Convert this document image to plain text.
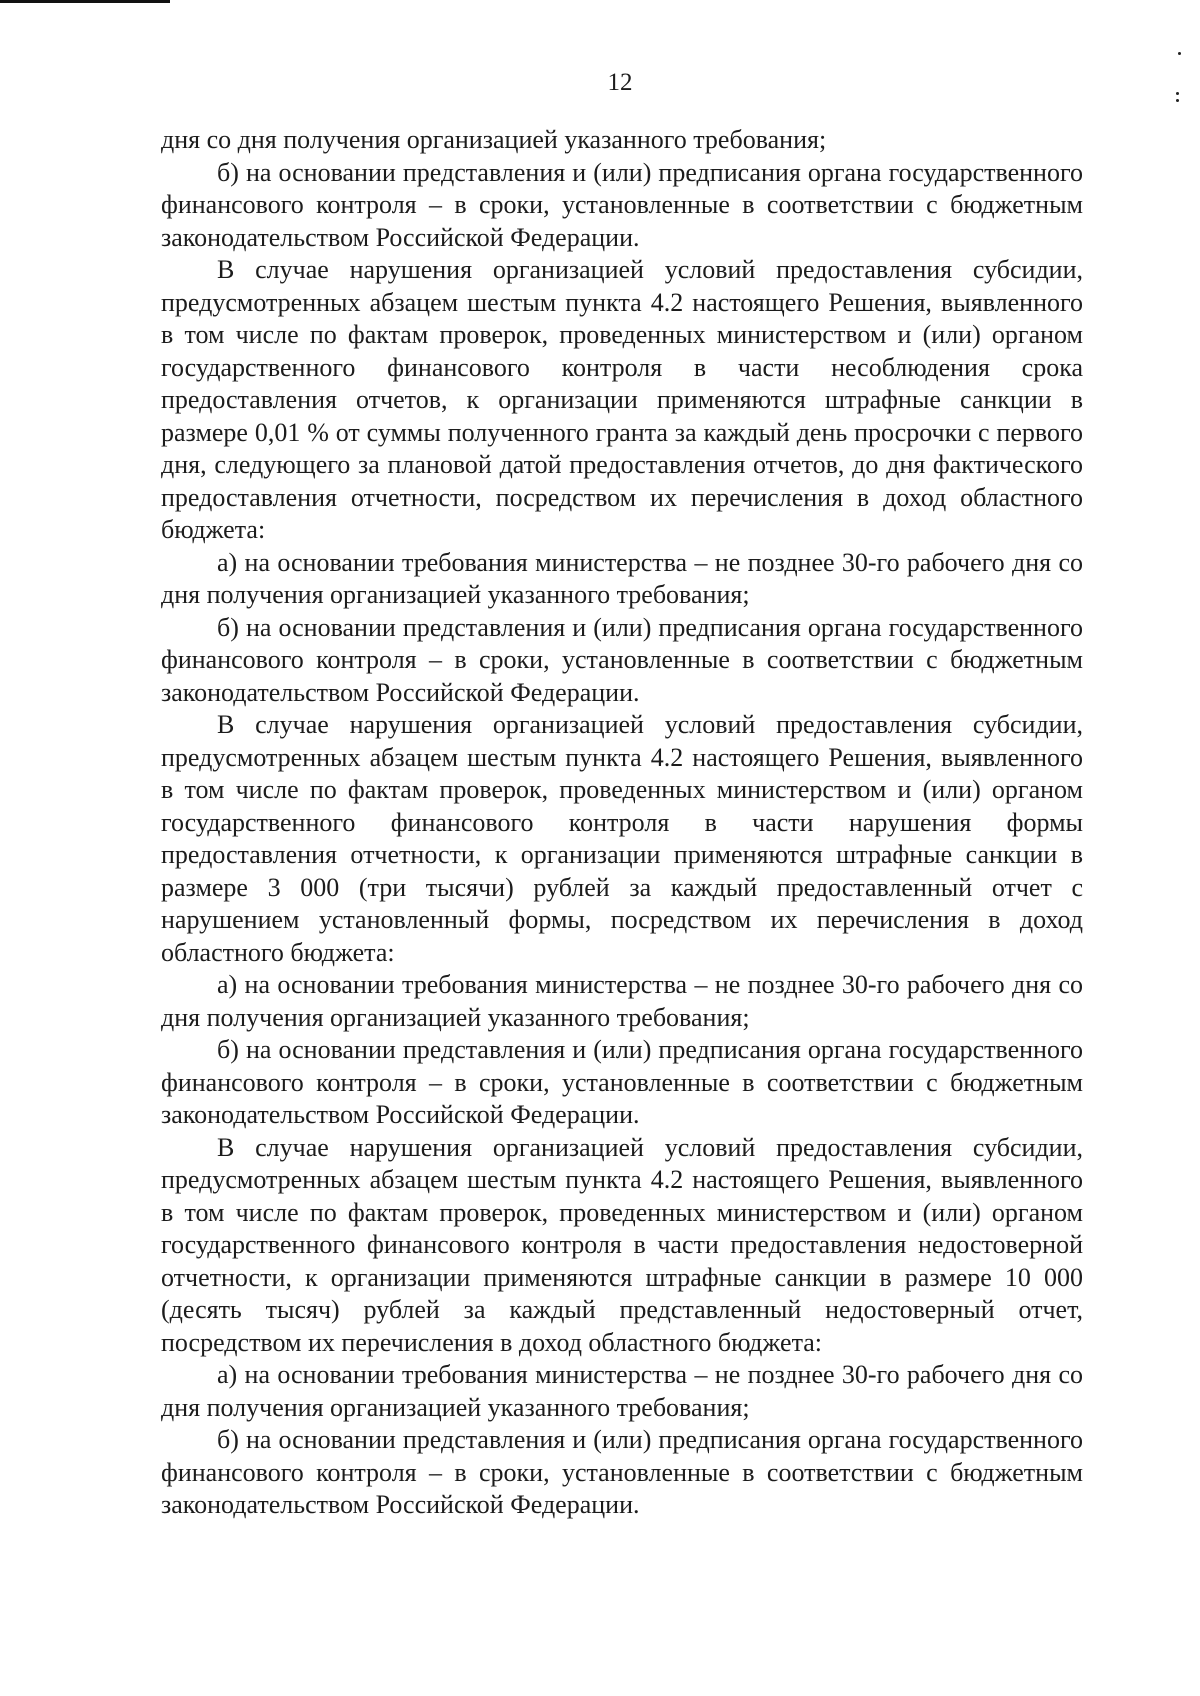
12

дня со дня получения организацией указанного требования;

б) на основании представления и (или) предписания органа государственного финансового контроля – в сроки, установленные в соответствии с бюджетным законодательством Российской Федерации.

В случае нарушения организацией условий предоставления субсидии, предусмотренных абзацем шестым пункта 4.2 настоящего Решения, выявленного в том числе по фактам проверок, проведенных министерством и (или) органом государственного финансового контроля в части несоблюдения срока предоставления отчетов, к организации применяются штрафные санкции в размере 0,01 % от суммы полученного гранта за каждый день просрочки с первого дня, следующего за плановой датой предоставления отчетов, до дня фактического предоставления отчетности, посредством их перечисления в доход областного бюджета:

а) на основании требования министерства – не позднее 30-го рабочего дня со дня получения организацией указанного требования;

б) на основании представления и (или) предписания органа государственного финансового контроля – в сроки, установленные в соответствии с бюджетным законодательством Российской Федерации.

В случае нарушения организацией условий предоставления субсидии, предусмотренных абзацем шестым пункта 4.2 настоящего Решения, выявленного в том числе по фактам проверок, проведенных министерством и (или) органом государственного финансового контроля в части нарушения формы предоставления отчетности, к организации применяются штрафные санкции в размере 3 000 (три тысячи) рублей за каждый предоставленный отчет с нарушением установленный формы, посредством их перечисления в доход областного бюджета:

а) на основании требования министерства – не позднее 30-го рабочего дня со дня получения организацией указанного требования;

б) на основании представления и (или) предписания органа государственного финансового контроля – в сроки, установленные в соответствии с бюджетным законодательством Российской Федерации.

В случае нарушения организацией условий предоставления субсидии, предусмотренных абзацем шестым пункта 4.2 настоящего Решения, выявленного в том числе по фактам проверок, проведенных министерством и (или) органом государственного финансового контроля в части предоставления недостоверной отчетности, к организации применяются штрафные санкции в размере 10 000 (десять тысяч) рублей за каждый представленный недостоверный отчет, посредством их перечисления в доход областного бюджета:

а) на основании требования министерства – не позднее 30-го рабочего дня со дня получения организацией указанного требования;

б) на основании представления и (или) предписания органа государственного финансового контроля – в сроки, установленные в соответствии с бюджетным законодательством Российской Федерации.
